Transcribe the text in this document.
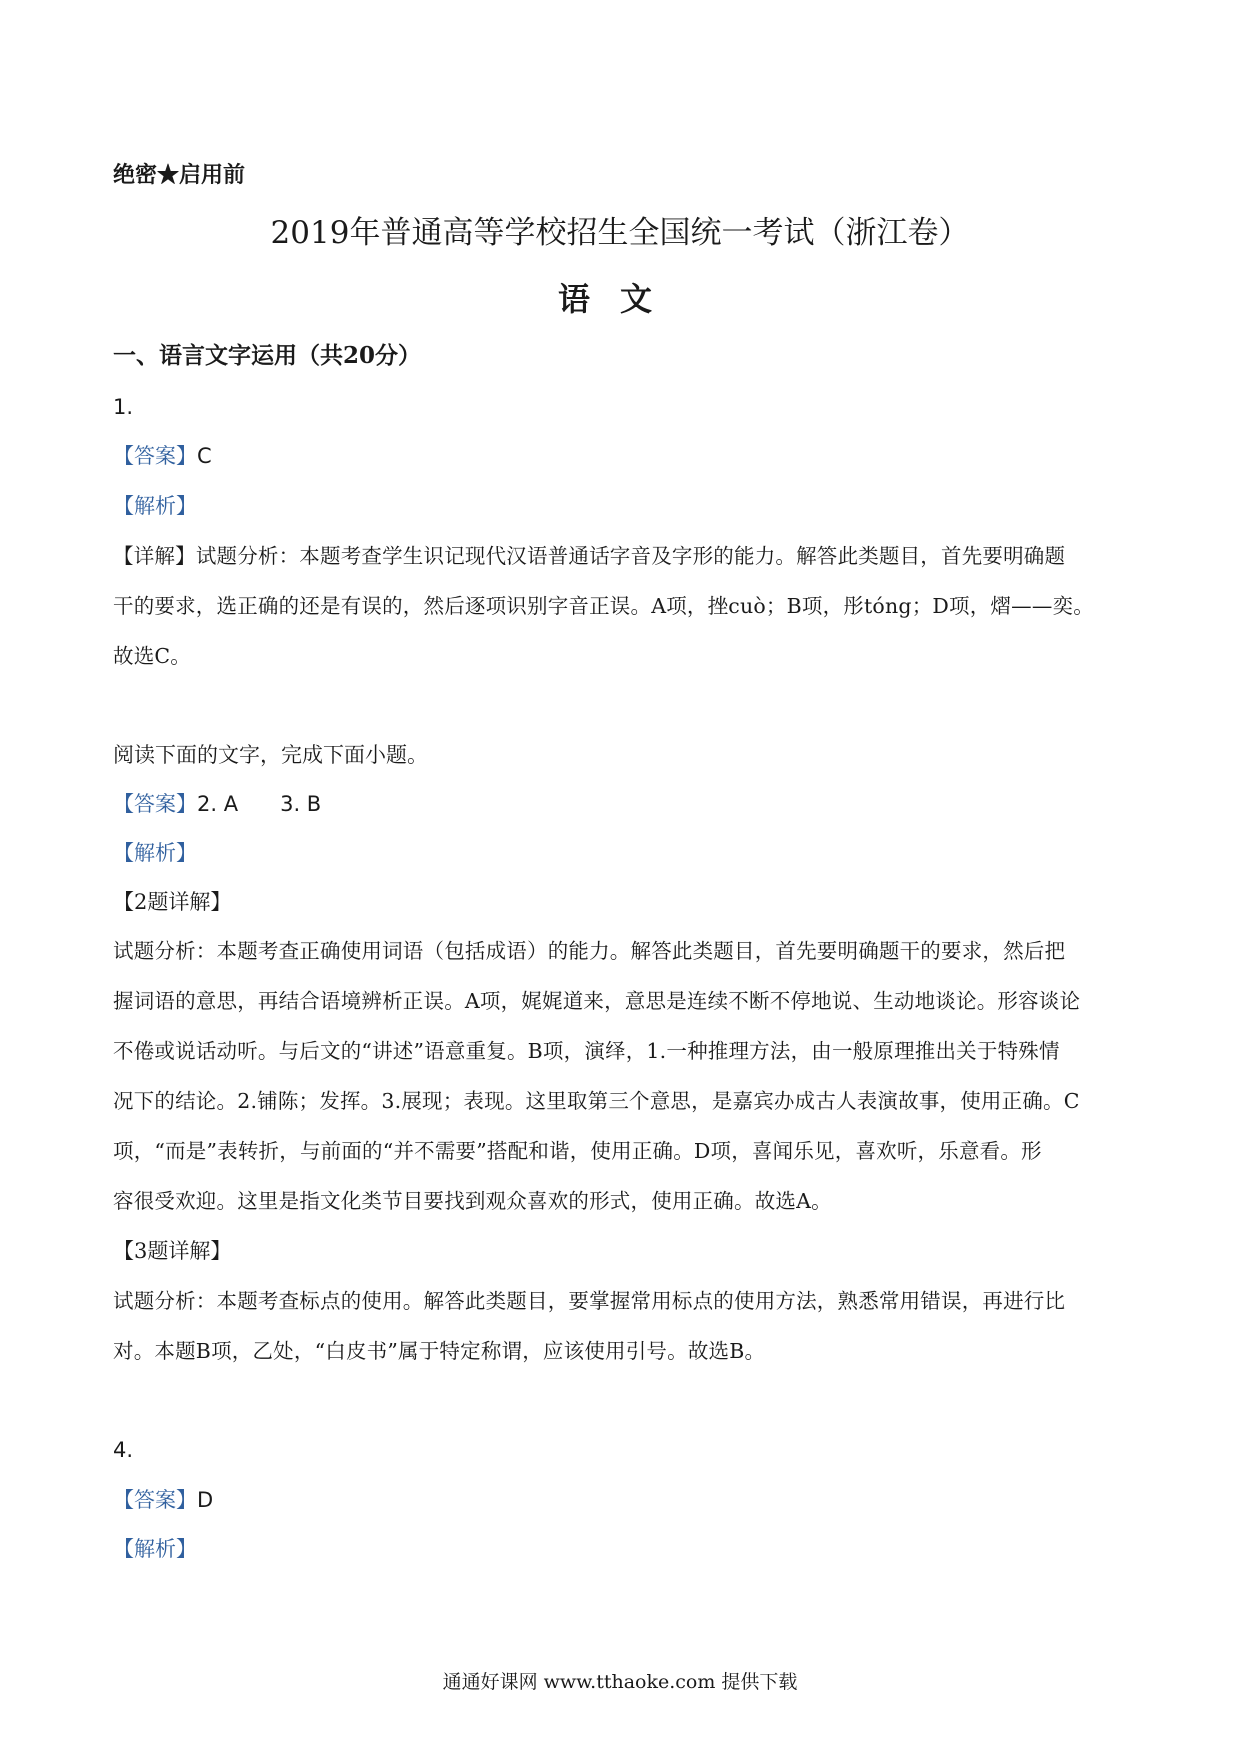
绝密★启用前
2019年普通高等学校招生全国统一考试（浙江卷）
语文
一、语言文字运用（共20分）
1.
【答案】C
【解析】
【详解】试题分析：本题考查学生识记现代汉语普通话字音及字形的能力。解答此类题目，首先要明确题
干的要求，选正确的还是有误的，然后逐项识别字音正误。A项，挫cuò；B项，彤tóng；D项，熠——奕。
故选C。
阅读下面的文字，完成下面小题。
【答案】2. A 3. B
【解析】
【2题详解】
试题分析：本题考查正确使用词语（包括成语）的能力。解答此类题目，首先要明确题干的要求，然后把
握词语的意思，再结合语境辨析正误。A项，娓娓道来，意思是连续不断不停地说、生动地谈论。形容谈论
不倦或说话动听。与后文的“讲述”语意重复。B项，演绎，1.一种推理方法，由一般原理推出关于特殊情
况下的结论。2.铺陈；发挥。3.展现；表现。这里取第三个意思，是嘉宾办成古人表演故事，使用正确。C
项，“而是”表转折，与前面的“并不需要”搭配和谐，使用正确。D项，喜闻乐见，喜欢听，乐意看。形
容很受欢迎。这里是指文化类节目要找到观众喜欢的形式，使用正确。故选A。
【3题详解】
试题分析：本题考查标点的使用。解答此类题目，要掌握常用标点的使用方法，熟悉常用错误，再进行比
对。本题B项，乙处，“白皮书”属于特定称谓，应该使用引号。故选B。
4.
【答案】D
【解析】
通通好课网 www.tthaoke.com 提供下载
